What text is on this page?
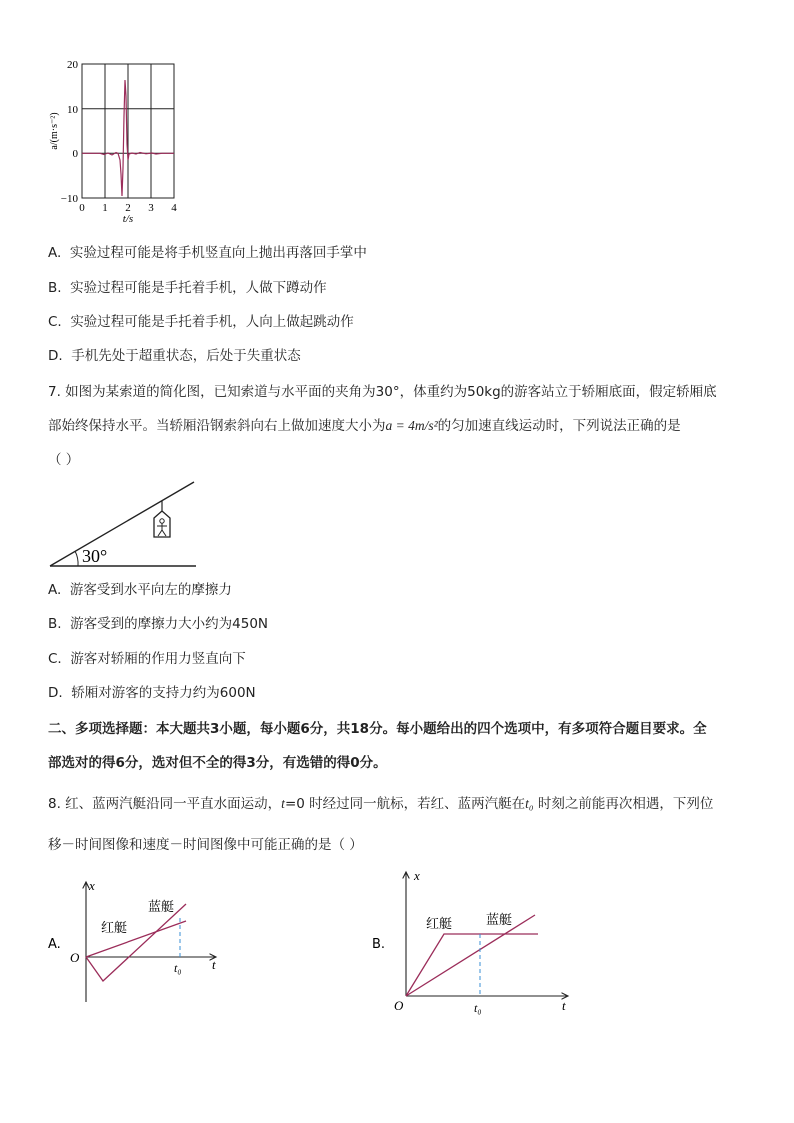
20
10
0
−10
0 1 2 3 4
t/s
a/(m·s⁻²)
A. 实验过程可能是将手机竖直向上抛出再落回手掌中
B. 实验过程可能是手托着手机，人做下蹲动作
C. 实验过程可能是手托着手机，人向上做起跳动作
D. 手机先处于超重状态，后处于失重状态
7. 如图为某索道的简化图，已知索道与水平面的夹角为30°，体重约为50kg的游客站立于轿厢底面，假定轿厢底
部始终保持水平。当轿厢沿钢索斜向右上做加速度大小为a = 4m/s²的匀加速直线运动时，下列说法正确的是
（ ）
30°
A. 游客受到水平向左的摩擦力
B. 游客受到的摩擦力大小约为450N
C. 游客对轿厢的作用力竖直向下
D. 轿厢对游客的支持力约为600N
二、多项选择题：本大题共3小题，每小题6分，共18分。每小题给出的四个选项中，有多项符合题目要求。全
部选对的得6分，选对但不全的得3分，有选错的得0分。
8. 红、蓝两汽艇沿同一平直水面运动，t=0 时经过同一航标，若红、蓝两汽艇在t₀ 时刻之前能再次相遇，下列位
移－时间图像和速度－时间图像中可能正确的是（ ）
x
t
O
t₀
红艇
蓝艇
A.
x
t
O	t₀
红艇	蓝艇
B.
